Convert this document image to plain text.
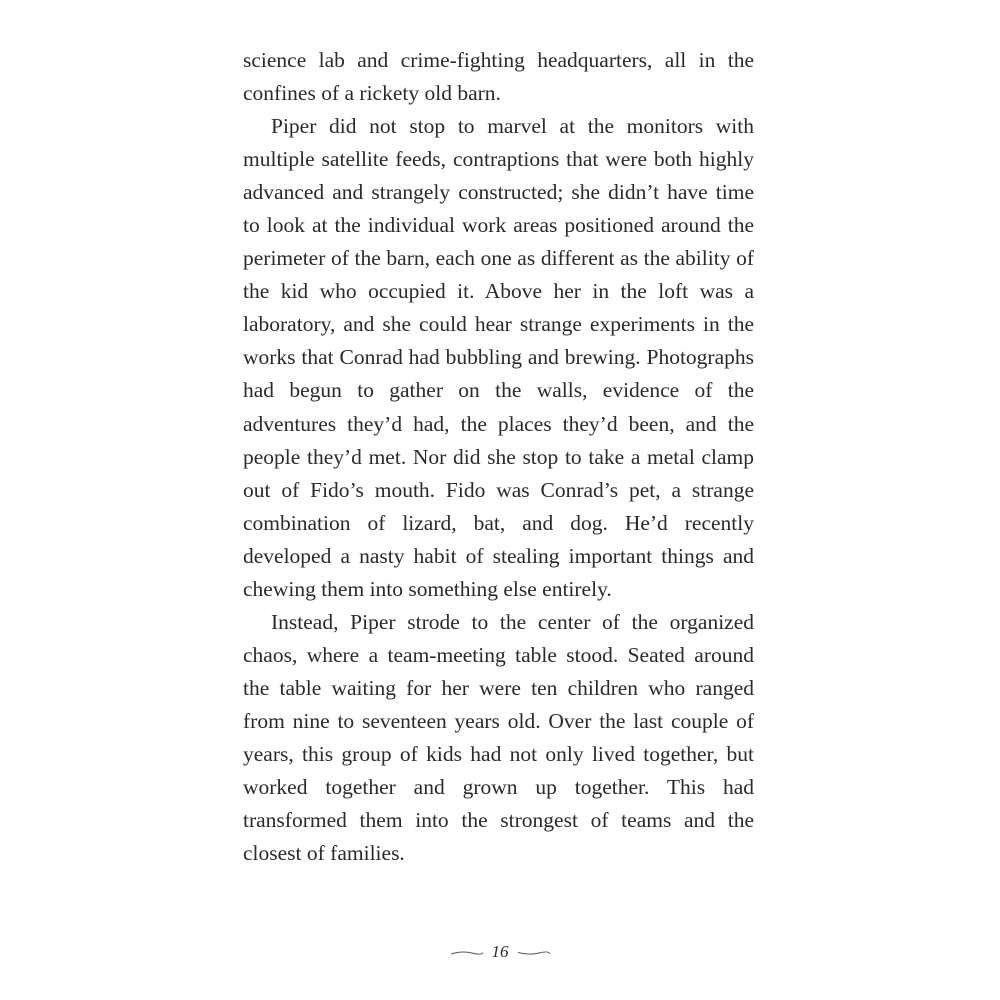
science lab and crime-fighting headquarters, all in the confines of a rickety old barn.

Piper did not stop to marvel at the monitors with multiple satellite feeds, contraptions that were both highly advanced and strangely constructed; she didn’t have time to look at the individual work areas positioned around the perimeter of the barn, each one as different as the ability of the kid who occupied it. Above her in the loft was a laboratory, and she could hear strange experiments in the works that Conrad had bubbling and brewing. Photographs had begun to gather on the walls, evidence of the adventures they’d had, the places they’d been, and the people they’d met. Nor did she stop to take a metal clamp out of Fido’s mouth. Fido was Conrad’s pet, a strange combination of lizard, bat, and dog. He’d recently developed a nasty habit of stealing important things and chewing them into something else entirely.

Instead, Piper strode to the center of the organized chaos, where a team-meeting table stood. Seated around the table waiting for her were ten children who ranged from nine to seventeen years old. Over the last couple of years, this group of kids had not only lived together, but worked together and grown up together. This had transformed them into the strongest of teams and the closest of families.

16
